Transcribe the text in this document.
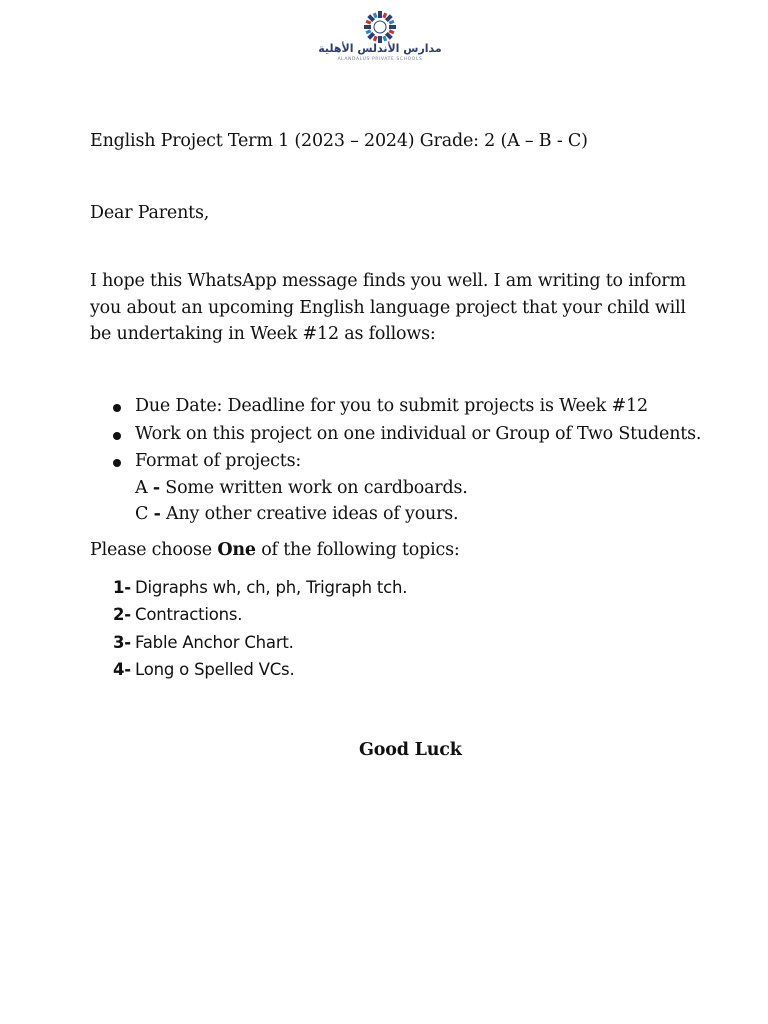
مدارس الأندلس الأهلية
ALANDALUS PRIVATE SCHOOLS
English Project Term 1 (2023 – 2024) Grade: 2 (A – B - C)
Dear Parents,
I hope this WhatsApp message finds you well. I am writing to inform
you about an upcoming English language project that your child will
be undertaking in Week #12 as follows:
Due Date: Deadline for you to submit projects is Week #12
Work on this project on one individual or Group of Two Students.
Format of projects:
A - Some written work on cardboards.
C - Any other creative ideas of yours.
Please choose One of the following topics:
1- Digraphs wh, ch, ph, Trigraph tch.
2- Contractions.
3- Fable Anchor Chart.
4- Long o Spelled VCs.
Good Luck
